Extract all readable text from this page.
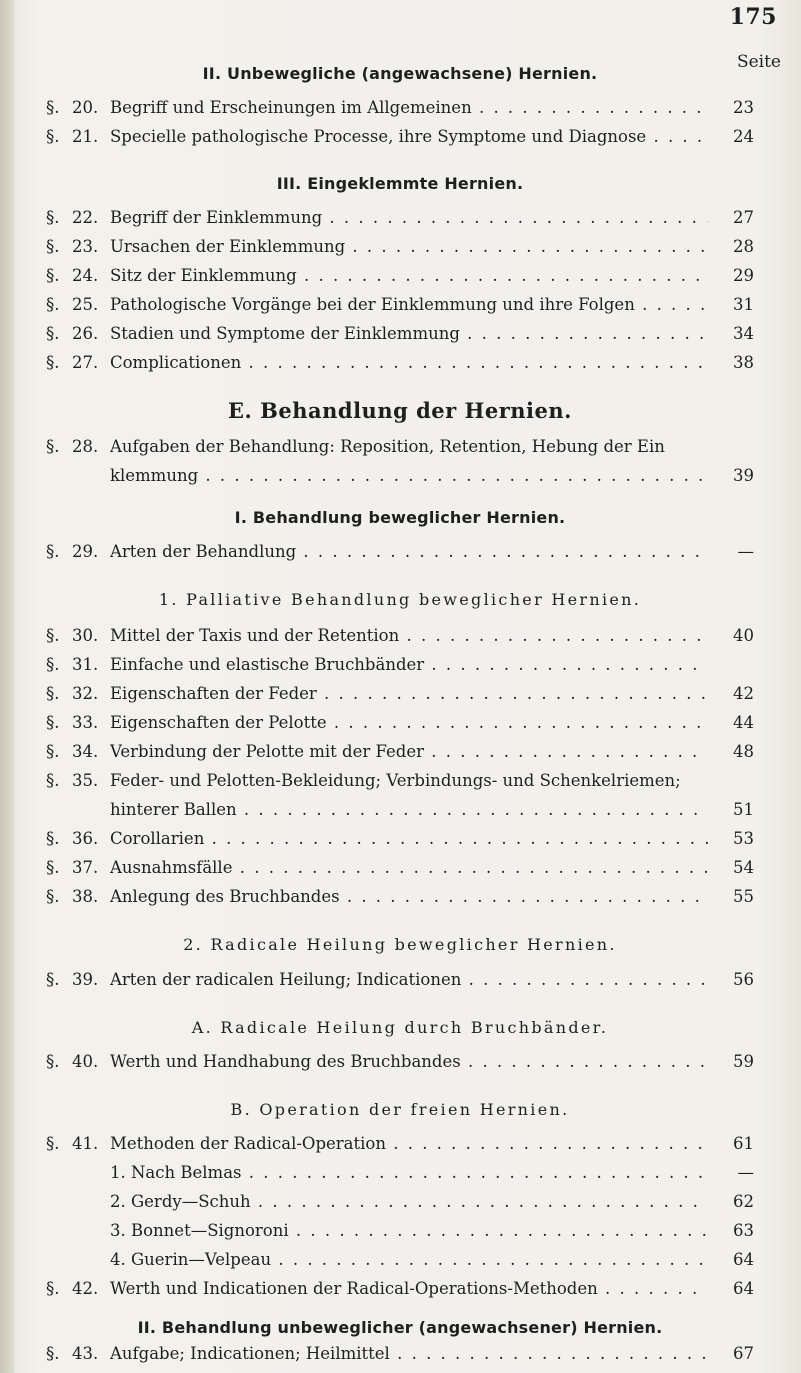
175
Seite
II. Unbewegliche (angewachsene) Hernien.
§. 20. Begriff und Erscheinungen im Allgemeinen . . .	23
§. 21. Specielle pathologische Processe, ihre Symptome und Diagnose . . .	24
III. Eingeklemmte Hernien.
§. 22. Begriff der Einklemmung . . .	27
§. 23. Ursachen der Einklemmung . . .	28
§. 24. Sitz der Einklemmung . . .	29
§. 25. Pathologische Vorgänge bei der Einklemmung und ihre Folgen . . .	31
§. 26. Stadien und Symptome der Einklemmung . . .	34
§. 27. Complicationen . . .	38
E. Behandlung der Hernien.
§. 28. Aufgaben der Behandlung: Reposition, Retention, Hebung der Ein
klemmung . . .	39
I. Behandlung beweglicher Hernien.
§. 29. Arten der Behandlung . . .	—
1. Palliative Behandlung beweglicher Hernien.
§. 30. Mittel der Taxis und der Retention . . .	40
§. 31. Einfache und elastische Bruchbänder . . .
§. 32. Eigenschaften der Feder . . .	42
§. 33. Eigenschaften der Pelotte . . .	44
§. 34. Verbindung der Pelotte mit der Feder . . .	48
§. 35. Feder- und Pelotten-Bekleidung; Verbindungs- und Schenkelriemen;
hinterer Ballen . . .	51
§. 36. Corollarien . . .	53
§. 37. Ausnahmsfälle . . .	54
§. 38. Anlegung des Bruchbandes . . .	55
2. Radicale Heilung beweglicher Hernien.
§. 39. Arten der radicalen Heilung; Indicationen . . .	56
A. Radicale Heilung durch Bruchbänder.
§. 40. Werth und Handhabung des Bruchbandes . . .	59
B. Operation der freien Hernien.
§. 41. Methoden der Radical-Operation . . .	61
1. Nach Belmas . . .	—
2. Gerdy—Schuh . . .	62
3. Bonnet—Signoroni . . .	63
4. Guerin—Velpeau . . .	64
§. 42. Werth und Indicationen der Radical-Operations-Methoden . . .	64
II. Behandlung unbeweglicher (angewachsener) Hernien.
§. 43. Aufgabe; Indicationen; Heilmittel . . .	67
